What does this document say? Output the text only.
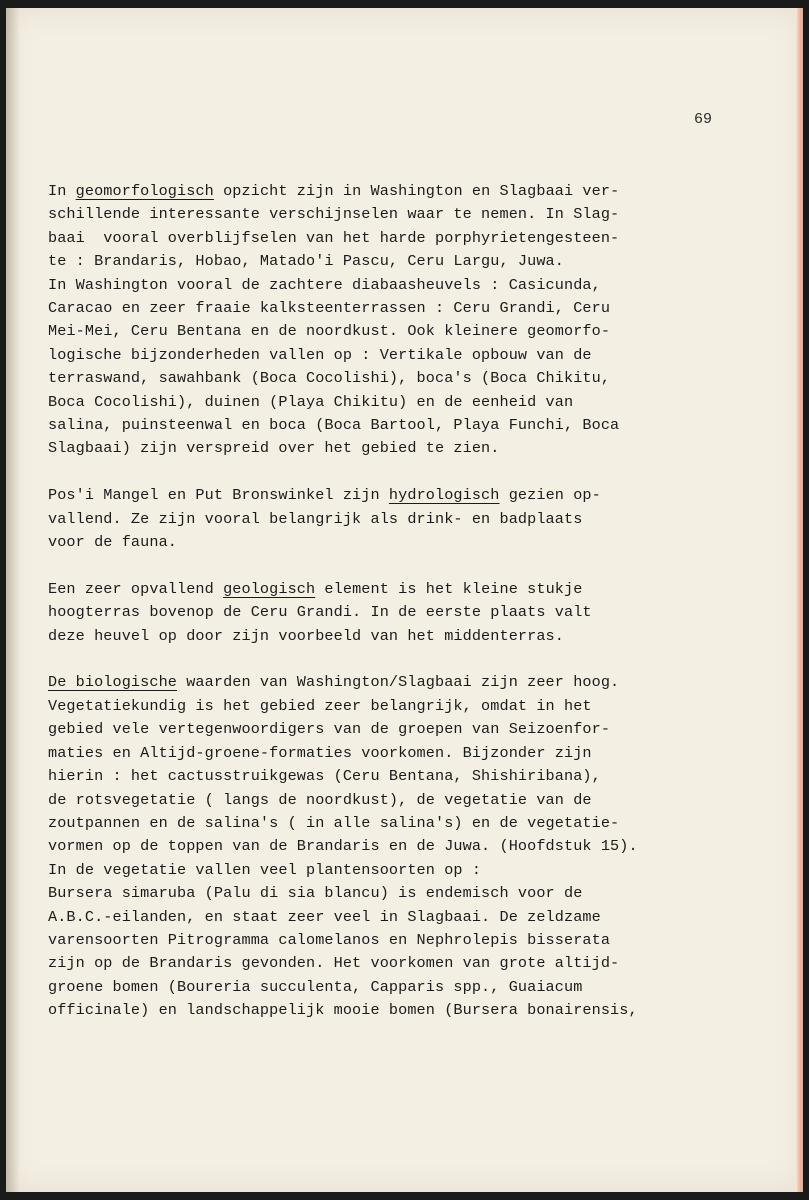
69
In geomorfologisch opzicht zijn in Washington en Slagbaai ver-
schillende interessante verschijnselen waar te nemen. In Slag-
baai  vooral overblijfselen van het harde porphyrietengesteen-
te : Brandaris, Hobao, Matado'i Pascu, Ceru Largu, Juwa.
In Washington vooral de zachtere diabaasheuvels : Casicunda,
Caracao en zeer fraaie kalksteenterrassen : Ceru Grandi, Ceru
Mei-Mei, Ceru Bentana en de noordkust. Ook kleinere geomorfo-
logische bijzonderheden vallen op : Vertikale opbouw van de
terraswand, sawahbank (Boca Cocolishi), boca's (Boca Chikitu,
Boca Cocolishi), duinen (Playa Chikitu) en de eenheid van
salina, puinsteenwal en boca (Boca Bartool, Playa Funchi, Boca
Slagbaai) zijn verspreid over het gebied te zien.
Pos'i Mangel en Put Bronswinkel zijn hydrologisch gezien op-
vallend. Ze zijn vooral belangrijk als drink- en badplaats
voor de fauna.
Een zeer opvallend geologisch element is het kleine stukje
hoogterras bovenop de Ceru Grandi. In de eerste plaats valt
deze heuvel op door zijn voorbeeld van het middenterras.
De biologische waarden van Washington/Slagbaai zijn zeer hoog.
Vegetatiekundig is het gebied zeer belangrijk, omdat in het
gebied vele vertegenwoordigers van de groepen van Seizoenfor-
maties en Altijd-groene-formaties voorkomen. Bijzonder zijn
hierin : het cactusstruikgewas (Ceru Bentana, Shishiribana),
de rotsvegetatie ( langs de noordkust), de vegetatie van de
zoutpannen en de salina's ( in alle salina's) en de vegetatie-
vormen op de toppen van de Brandaris en de Juwa. (Hoofdstuk 15).
In de vegetatie vallen veel plantensoorten op :
Bursera simaruba (Palu di sia blancu) is endemisch voor de
A.B.C.-eilanden, en staat zeer veel in Slagbaai. De zeldzame
varensoorten Pitrogramma calomelanos en Nephrolepis bisserata
zijn op de Brandaris gevonden. Het voorkomen van grote altijd-
groene bomen (Boureria succulenta, Capparis spp., Guaiacum
officinale) en landschappelijk mooie bomen (Bursera bonairensis,
